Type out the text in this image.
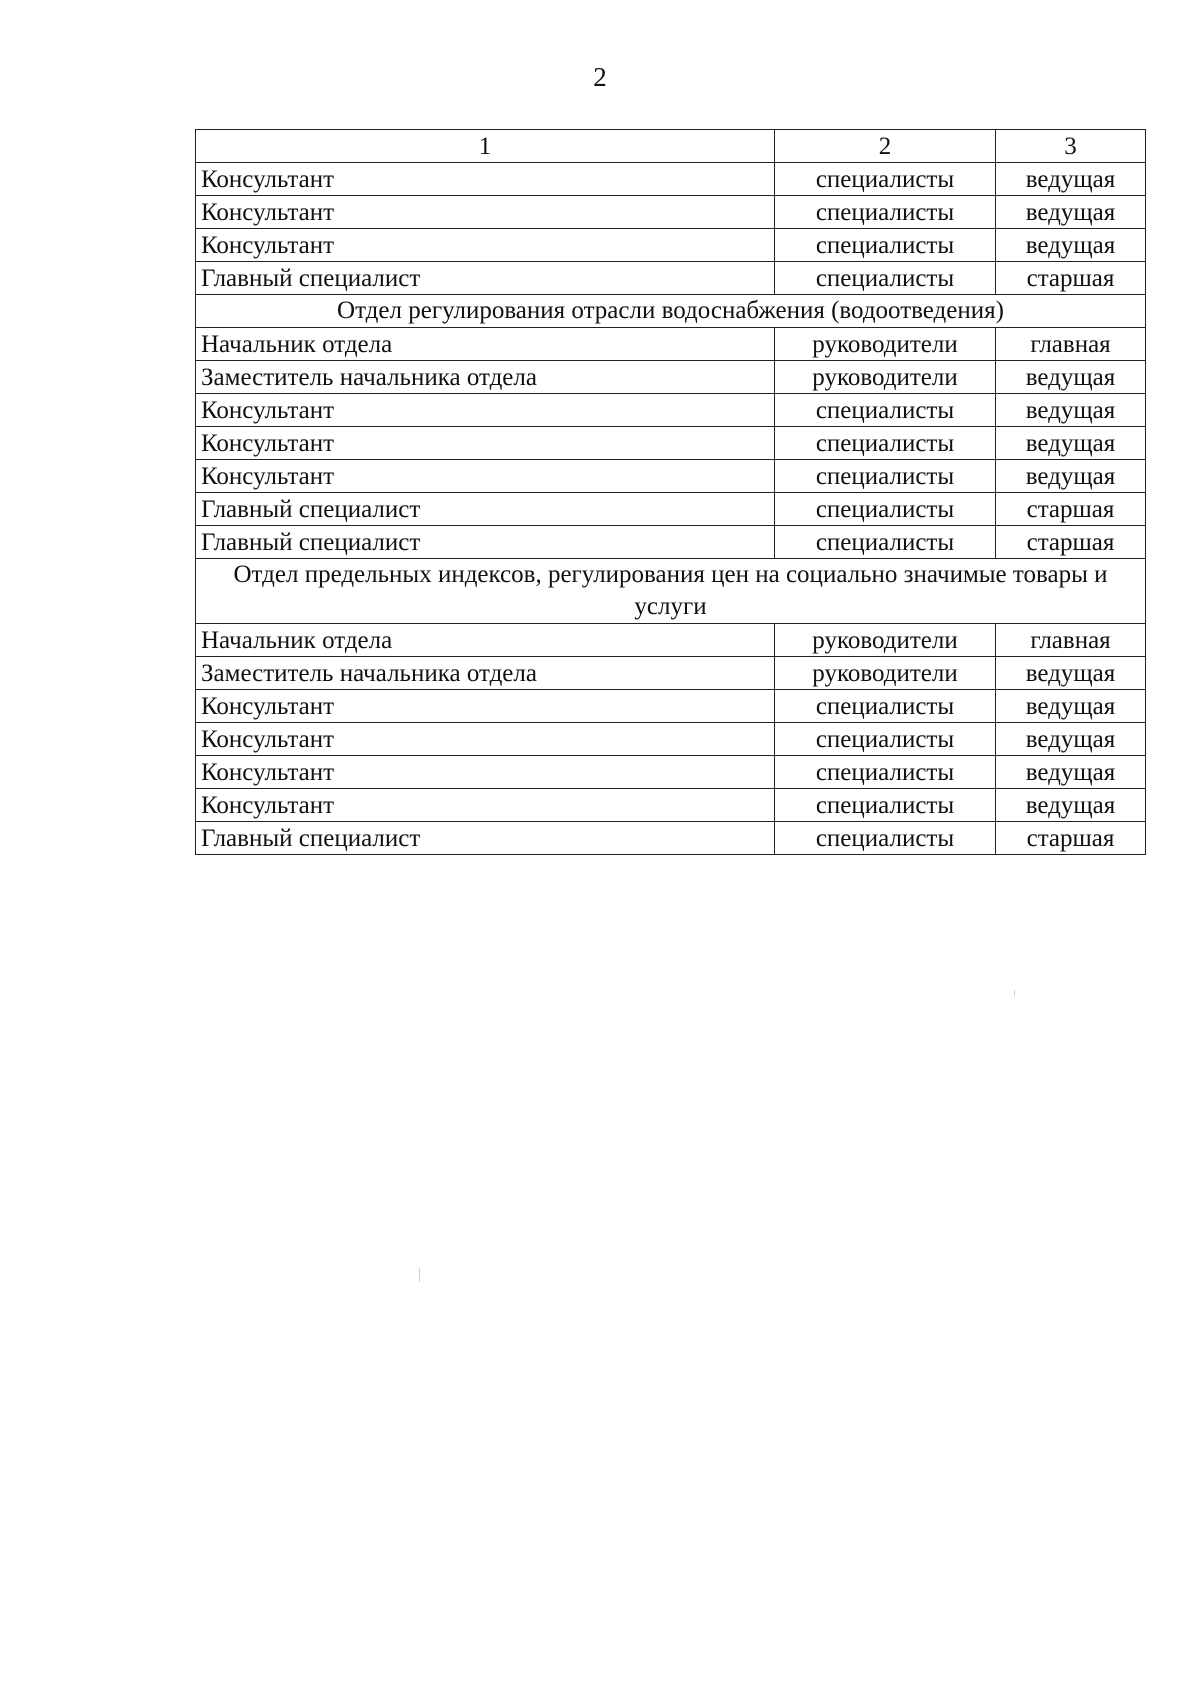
2
1	2	3
Консультант	специалисты	ведущая
Консультант	специалисты	ведущая
Консультант	специалисты	ведущая
Главный специалист	специалисты	старшая
Отдел регулирования отрасли водоснабжения (водоотведения)		
Начальник отдела	руководители	главная
Заместитель начальника отдела	руководители	ведущая
Консультант	специалисты	ведущая
Консультант	специалисты	ведущая
Консультант	специалисты	ведущая
Главный специалист	специалисты	старшая
Главный специалист	специалисты	старшая
Отдел предельных индексов, регулирования цен на социально значимые товары и услуги		
Начальник отдела	руководители	главная
Заместитель начальника отдела	руководители	ведущая
Консультант	специалисты	ведущая
Консультант	специалисты	ведущая
Консультант	специалисты	ведущая
Консультант	специалисты	ведущая
Главный специалист	специалисты	старшая
